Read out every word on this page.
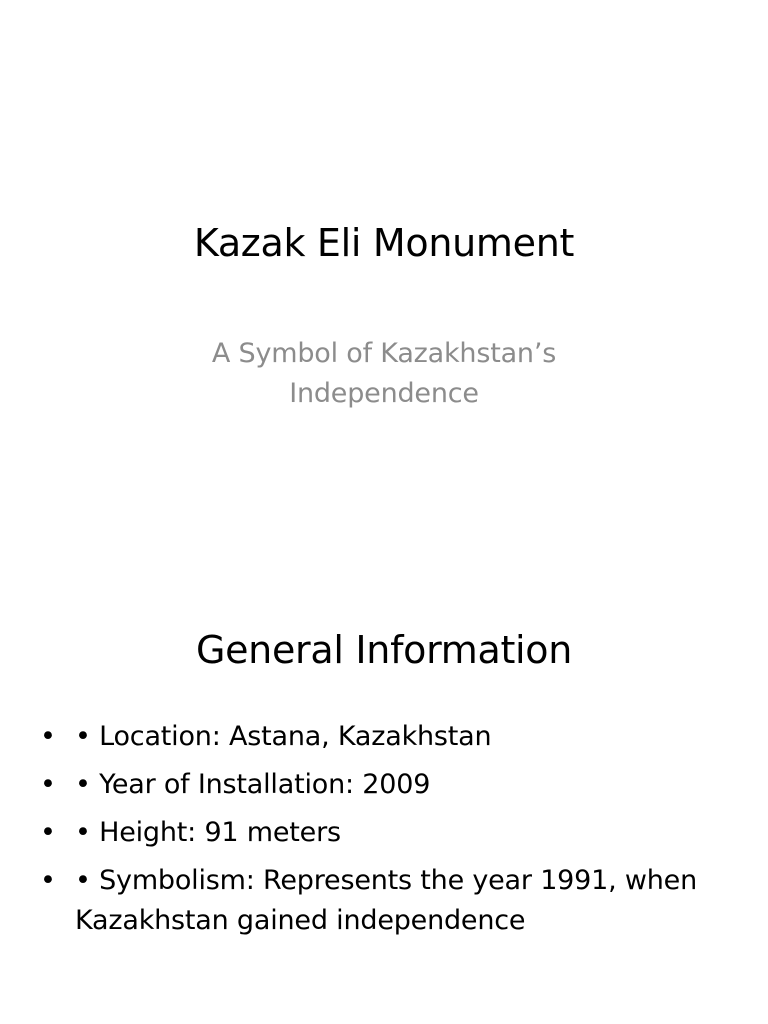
Kazak Eli Monument
A Symbol of Kazakhstan’s Independence
General Information
• • Location: Astana, Kazakhstan
• • Year of Installation: 2009
• • Height: 91 meters
• • Symbolism: Represents the year 1991, when Kazakhstan gained independence
